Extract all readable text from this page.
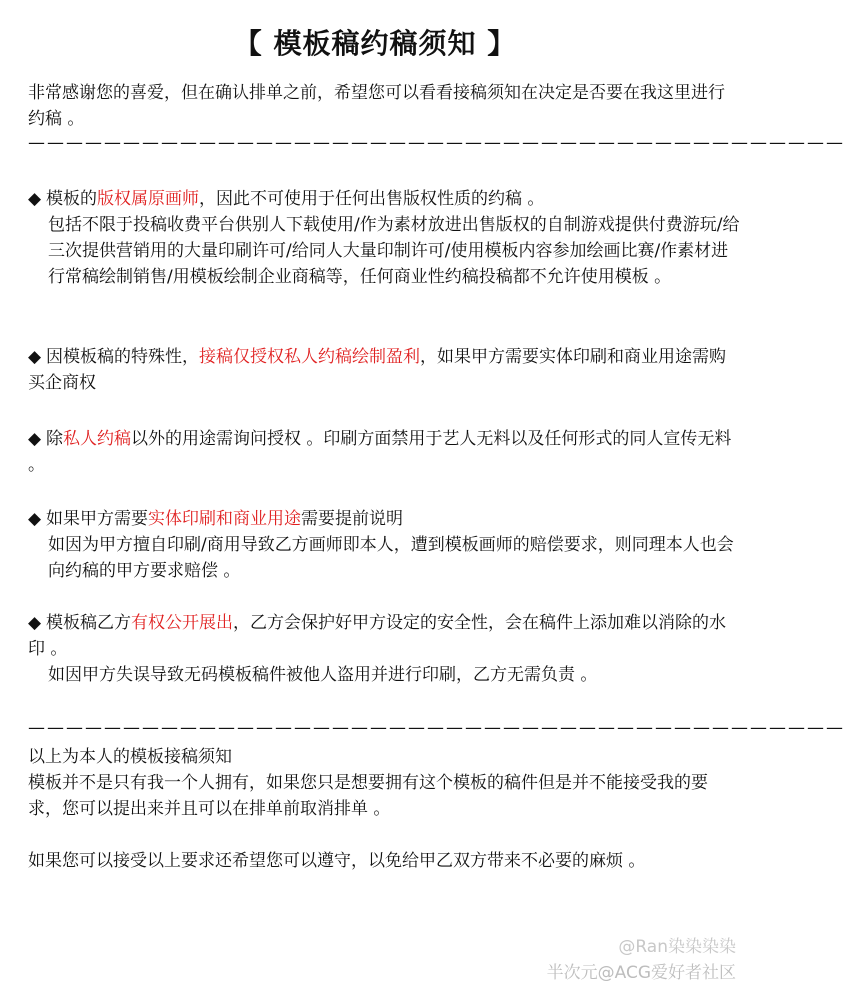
【 模板稿约稿须知 】
非常感谢您的喜爱，但在确认排单之前，希望您可以看看接稿须知在决定是否要在我这里进行约稿 。
———————————————————————————————————————————
◆ 模板的版权属原画师，因此不可使用于任何出售版权性质的约稿 。
包括不限于投稿收费平台供别人下载使用/作为素材放进出售版权的自制游戏提供付费游玩/给三次提供营销用的大量印刷许可/给同人大量印制许可/使用模板内容参加绘画比赛/作素材进行常稿绘制销售/用模板绘制企业商稿等，任何商业性约稿投稿都不允许使用模板 。
◆ 因模板稿的特殊性，接稿仅授权私人约稿绘制盈利，如果甲方需要实体印刷和商业用途需购买企商权
◆ 除私人约稿以外的用途需询问授权 。印刷方面禁用于艺人无料以及任何形式的同人宣传无料 。
◆ 如果甲方需要实体印刷和商业用途需要提前说明
如因为甲方擅自印刷/商用导致乙方画师即本人，遭到模板画师的赔偿要求，则同理本人也会向约稿的甲方要求赔偿 。
◆ 模板稿乙方有权公开展出，乙方会保护好甲方设定的安全性，会在稿件上添加难以消除的水印 。
如因甲方失误导致无码模板稿件被他人盗用并进行印刷，乙方无需负责 。
———————————————————————————————————————————
以上为本人的模板接稿须知
模板并不是只有我一个人拥有，如果您只是想要拥有这个模板的稿件但是并不能接受我的要求，您可以提出来并且可以在排单前取消排单 。
如果您可以接受以上要求还希望您可以遵守，以免给甲乙双方带来不必要的麻烦 。
@Ran染染染染
半次元@ACG爱好者社区
